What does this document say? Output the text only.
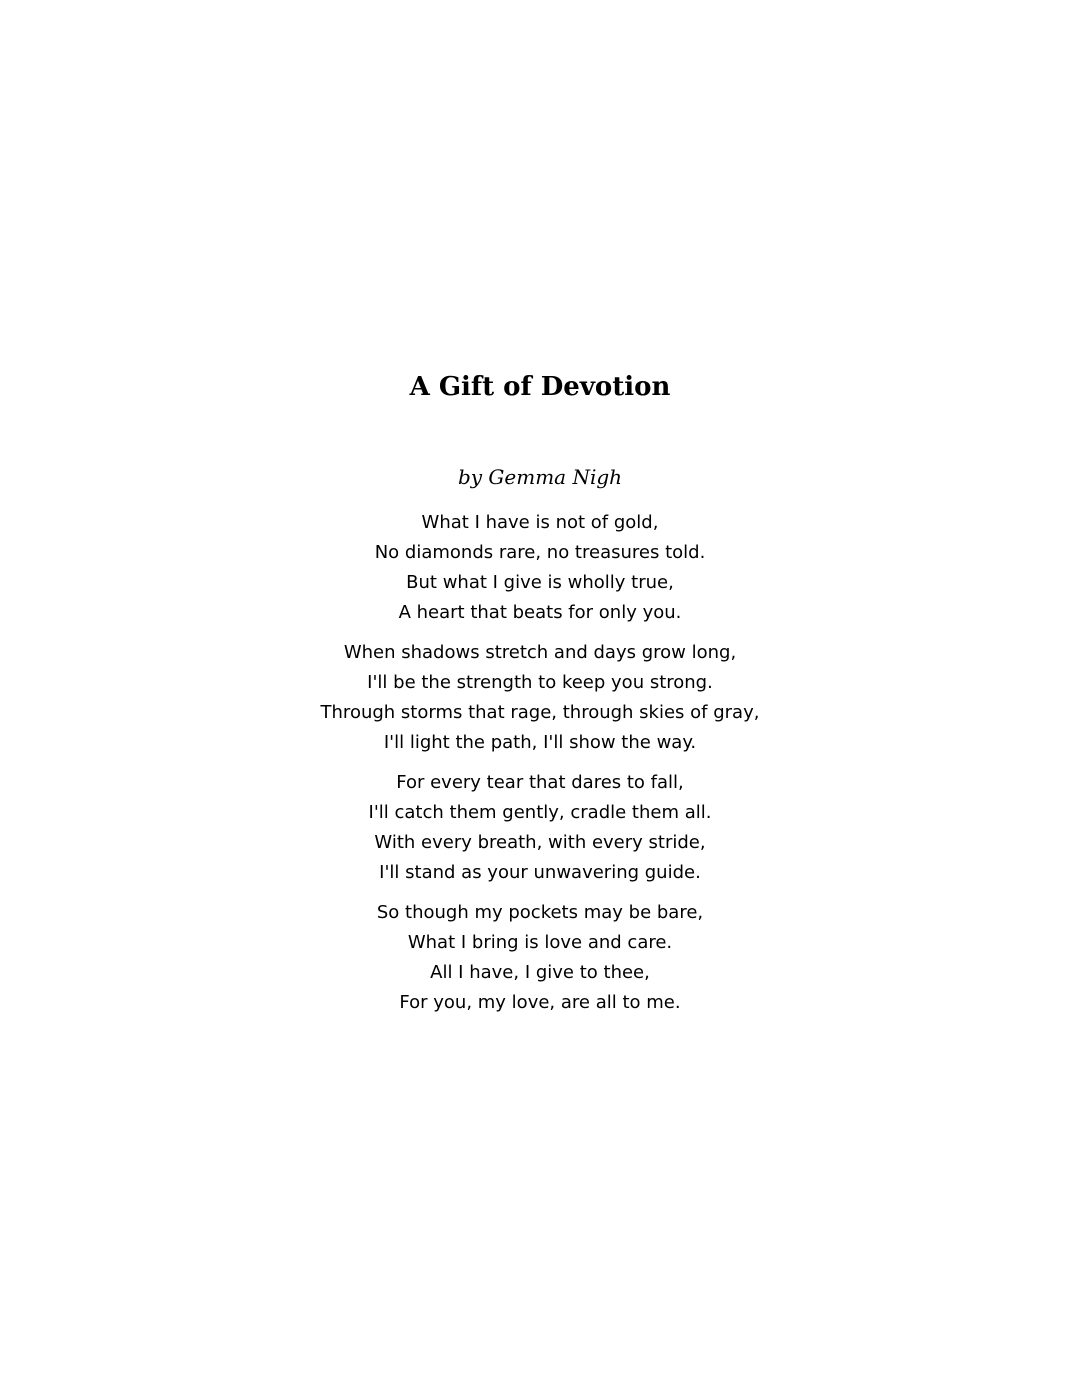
A Gift of Devotion

by Gemma Nigh

What I have is not of gold,
No diamonds rare, no treasures told.
But what I give is wholly true,
A heart that beats for only you.
When shadows stretch and days grow long,
I'll be the strength to keep you strong.
Through storms that rage, through skies of gray,
I'll light the path, I'll show the way.
For every tear that dares to fall,
I'll catch them gently, cradle them all.
With every breath, with every stride,
I'll stand as your unwavering guide.
So though my pockets may be bare,
What I bring is love and care.
All I have, I give to thee,
For you, my love, are all to me.
